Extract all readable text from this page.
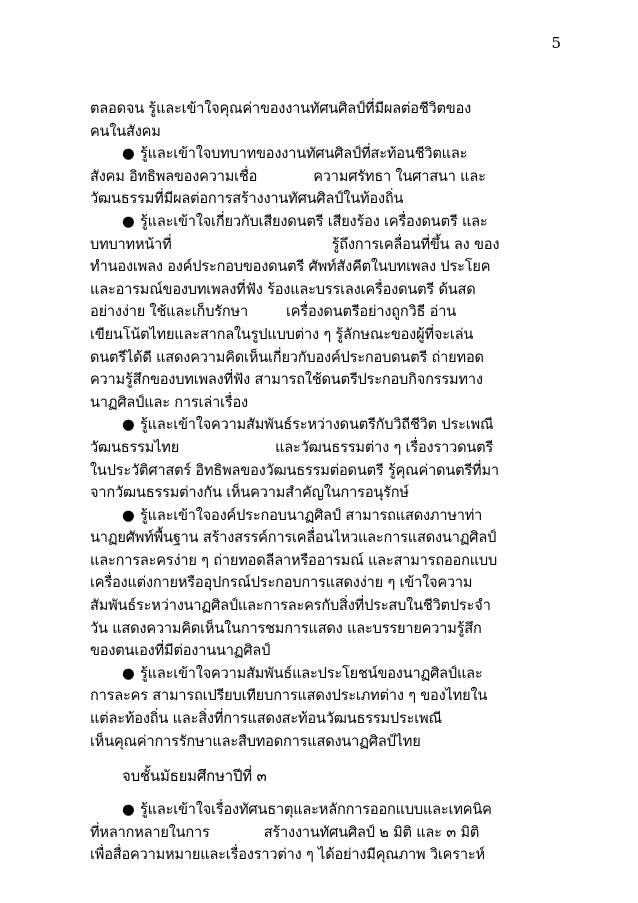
5
ตลอดจน รู้และเข้าใจคุณค่าของงานทัศนศิลป์ที่มีผลต่อชีวิตของ
คนในสังคม
● รู้และเข้าใจบทบาทของงานทัศนศิลป์ที่สะท้อนชีวิตและ
สังคม อิทธิพลของความเชื่อ	ความศรัทธา ในศาสนา และ
วัฒนธรรมที่มีผลต่อการสร้างงานทัศนศิลป์ในท้องถิ่น
● รู้และเข้าใจเกี่ยวกับเสียงดนตรี เสียงร้อง เครื่องดนตรี และ
บทบาทหน้าที่	รู้ถึงการเคลื่อนที่ขึ้น ลง ของ
ทำนองเพลง องค์ประกอบของดนตรี ศัพท์สังคีตในบทเพลง ประโยค
และอารมณ์ของบทเพลงที่ฟัง ร้องและบรรเลงเครื่องดนตรี ด้นสด
อย่างง่าย ใช้และเก็บรักษา	เครื่องดนตรีอย่างถูกวิธี อ่าน
เขียนโน้ตไทยและสากลในรูปแบบต่าง ๆ รู้ลักษณะของผู้ที่จะเล่น
ดนตรีได้ดี แสดงความคิดเห็นเกี่ยวกับองค์ประกอบดนตรี ถ่ายทอด
ความรู้สึกของบทเพลงที่ฟัง สามารถใช้ดนตรีประกอบกิจกรรมทาง
นาฏศิลป์และ การเล่าเรื่อง
● รู้และเข้าใจความสัมพันธ์ระหว่างดนตรีกับวิถีชีวิต ประเพณี
วัฒนธรรมไทย	และวัฒนธรรมต่าง ๆ เรื่องราวดนตรี
ในประวัติศาสตร์ อิทธิพลของวัฒนธรรมต่อดนตรี รู้คุณค่าดนตรีที่มา
จากวัฒนธรรมต่างกัน เห็นความสำคัญในการอนุรักษ์
● รู้และเข้าใจองค์ประกอบนาฏศิลป์ สามารถแสดงภาษาท่า
นาฏยศัพท์พื้นฐาน สร้างสรรค์การเคลื่อนไหวและการแสดงนาฏศิลป์
และการละครง่าย ๆ ถ่ายทอดลีลาหรืออารมณ์ และสามารถออกแบบ
เครื่องแต่งกายหรืออุปกรณ์ประกอบการแสดงง่าย ๆ เข้าใจความ
สัมพันธ์ระหว่างนาฏศิลป์และการละครกับสิ่งที่ประสบในชีวิตประจำ
วัน แสดงความคิดเห็นในการชมการแสดง และบรรยายความรู้สึก
ของตนเองที่มีต่องานนาฏศิลป์
● รู้และเข้าใจความสัมพันธ์และประโยชน์ของนาฏศิลป์และ
การละคร สามารถเปรียบเทียบการแสดงประเภทต่าง ๆ ของไทยใน
แต่ละท้องถิ่น และสิ่งที่การแสดงสะท้อนวัฒนธรรมประเพณี
เห็นคุณค่าการรักษาและสืบทอดการแสดงนาฏศิลป์ไทย
จบชั้นมัธยมศึกษาปีที่ ๓
● รู้และเข้าใจเรื่องทัศนธาตุและหลักการออกแบบและเทคนิค
ที่หลากหลายในการ	สร้างงานทัศนศิลป์ ๒ มิติ และ ๓ มิติ
เพื่อสื่อความหมายและเรื่องราวต่าง ๆ ได้อย่างมีคุณภาพ วิเคราะห์
